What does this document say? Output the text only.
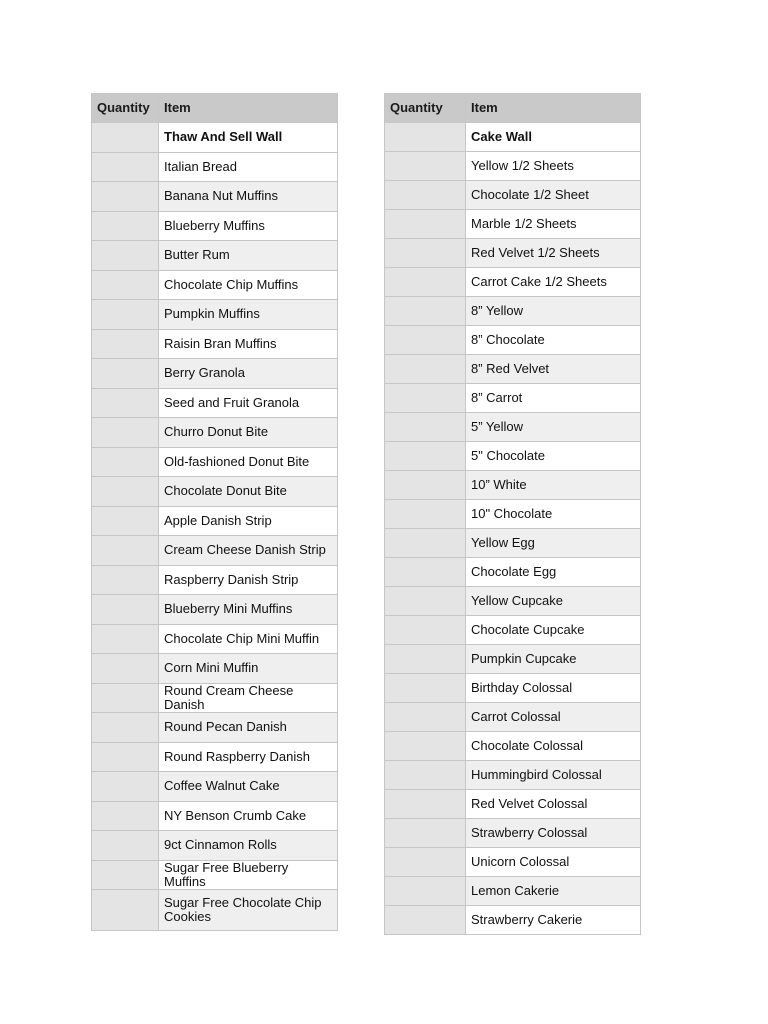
Quantity	Item
	Thaw And Sell Wall
	Italian Bread
	Banana Nut Muffins
	Blueberry Muffins
	Butter Rum
	Chocolate Chip Muffins
	Pumpkin Muffins
	Raisin Bran Muffins
	Berry Granola
	Seed and Fruit Granola
	Churro Donut Bite
	Old-fashioned Donut Bite
	Chocolate Donut Bite
	Apple Danish Strip
	Cream Cheese Danish Strip
	Raspberry Danish Strip
	Blueberry Mini Muffins
	Chocolate Chip Mini Muffin
	Corn Mini Muffin
	Round Cream Cheese Danish
	Round Pecan Danish
	Round Raspberry Danish
	Coffee Walnut Cake
	NY Benson Crumb Cake
	9ct Cinnamon Rolls
	Sugar Free Blueberry Muffins
	Sugar Free Chocolate Chip Cookies
Quantity	Item
	Cake Wall
	Yellow 1/2 Sheets
	Chocolate 1/2 Sheet
	Marble 1/2 Sheets
	Red Velvet 1/2 Sheets
	Carrot Cake 1/2 Sheets
	8” Yellow
	8” Chocolate
	8” Red Velvet
	8” Carrot
	5” Yellow
	5" Chocolate
	10” White
	10" Chocolate
	Yellow Egg
	Chocolate Egg
	Yellow Cupcake
	Chocolate Cupcake
	Pumpkin Cupcake
	Birthday Colossal
	Carrot Colossal
	Chocolate Colossal
	Hummingbird Colossal
	Red Velvet Colossal
	Strawberry Colossal
	Unicorn Colossal
	Lemon Cakerie
	Strawberry Cakerie
